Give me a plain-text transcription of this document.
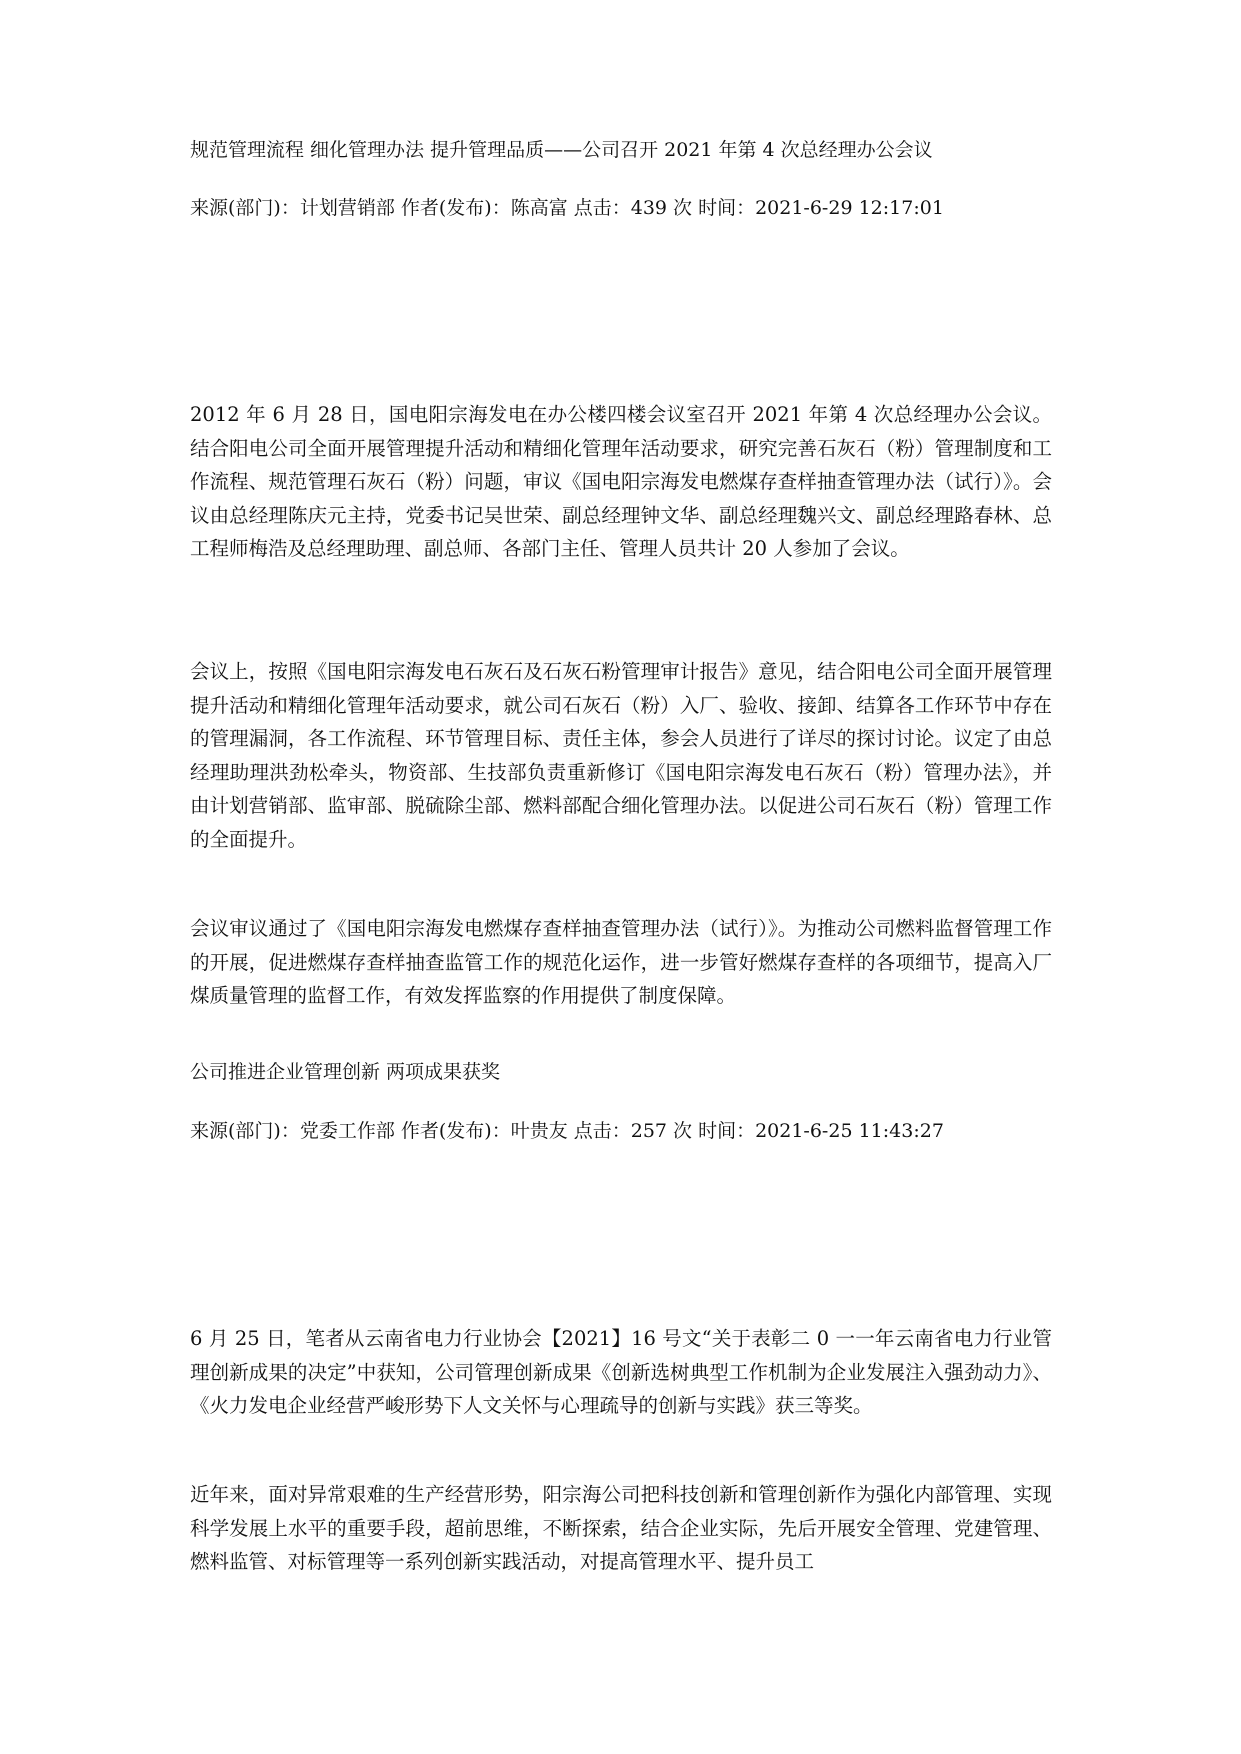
规范管理流程 细化管理办法 提升管理品质——公司召开 2021 年第 4 次总经理办公会议
来源(部门)：计划营销部 作者(发布)：陈高富 点击：439 次 时间：2021-6-29 12:17:01

2012 年 6 月 28 日，国电阳宗海发电在办公楼四楼会议室召开 2021 年第 4 次总经理办公会议。结合阳电公司全面开展管理提升活动和精细化管理年活动要求，研究完善石灰石（粉）管理制度和工作流程、规范管理石灰石（粉）问题，审议《国电阳宗海发电燃煤存查样抽查管理办法（试行）》。会议由总经理陈庆元主持，党委书记吴世荣、副总经理钟文华、副总经理魏兴文、副总经理路春林、总工程师梅浩及总经理助理、副总师、各部门主任、管理人员共计 20 人参加了会议。

会议上，按照《国电阳宗海发电石灰石及石灰石粉管理审计报告》意见，结合阳电公司全面开展管理提升活动和精细化管理年活动要求，就公司石灰石（粉）入厂、验收、接卸、结算各工作环节中存在的管理漏洞，各工作流程、环节管理目标、责任主体，参会人员进行了详尽的探讨讨论。议定了由总经理助理洪劲松牵头，物资部、生技部负责重新修订《国电阳宗海发电石灰石（粉）管理办法》，并由计划营销部、监审部、脱硫除尘部、燃料部配合细化管理办法。以促进公司石灰石（粉）管理工作的全面提升。

会议审议通过了《国电阳宗海发电燃煤存查样抽查管理办法（试行）》。为推动公司燃料监督管理工作的开展，促进燃煤存查样抽查监管工作的规范化运作，进一步管好燃煤存查样的各项细节，提高入厂煤质量管理的监督工作，有效发挥监察的作用提供了制度保障。

公司推进企业管理创新 两项成果获奖
来源(部门)：党委工作部 作者(发布)：叶贵友 点击：257 次 时间：2021-6-25 11:43:27

6 月 25 日，笔者从云南省电力行业协会【2021】16 号文“关于表彰二 0 一一年云南省电力行业管理创新成果的决定”中获知，公司管理创新成果《创新选树典型工作机制为企业发展注入强劲动力》、《火力发电企业经营严峻形势下人文关怀与心理疏导的创新与实践》获三等奖。

近年来，面对异常艰难的生产经营形势，阳宗海公司把科技创新和管理创新作为强化内部管理、实现科学发展上水平的重要手段，超前思维，不断探索，结合企业实际，先后开展安全管理、党建管理、燃料监管、对标管理等一系列创新实践活动，对提高管理水平、提升员工
